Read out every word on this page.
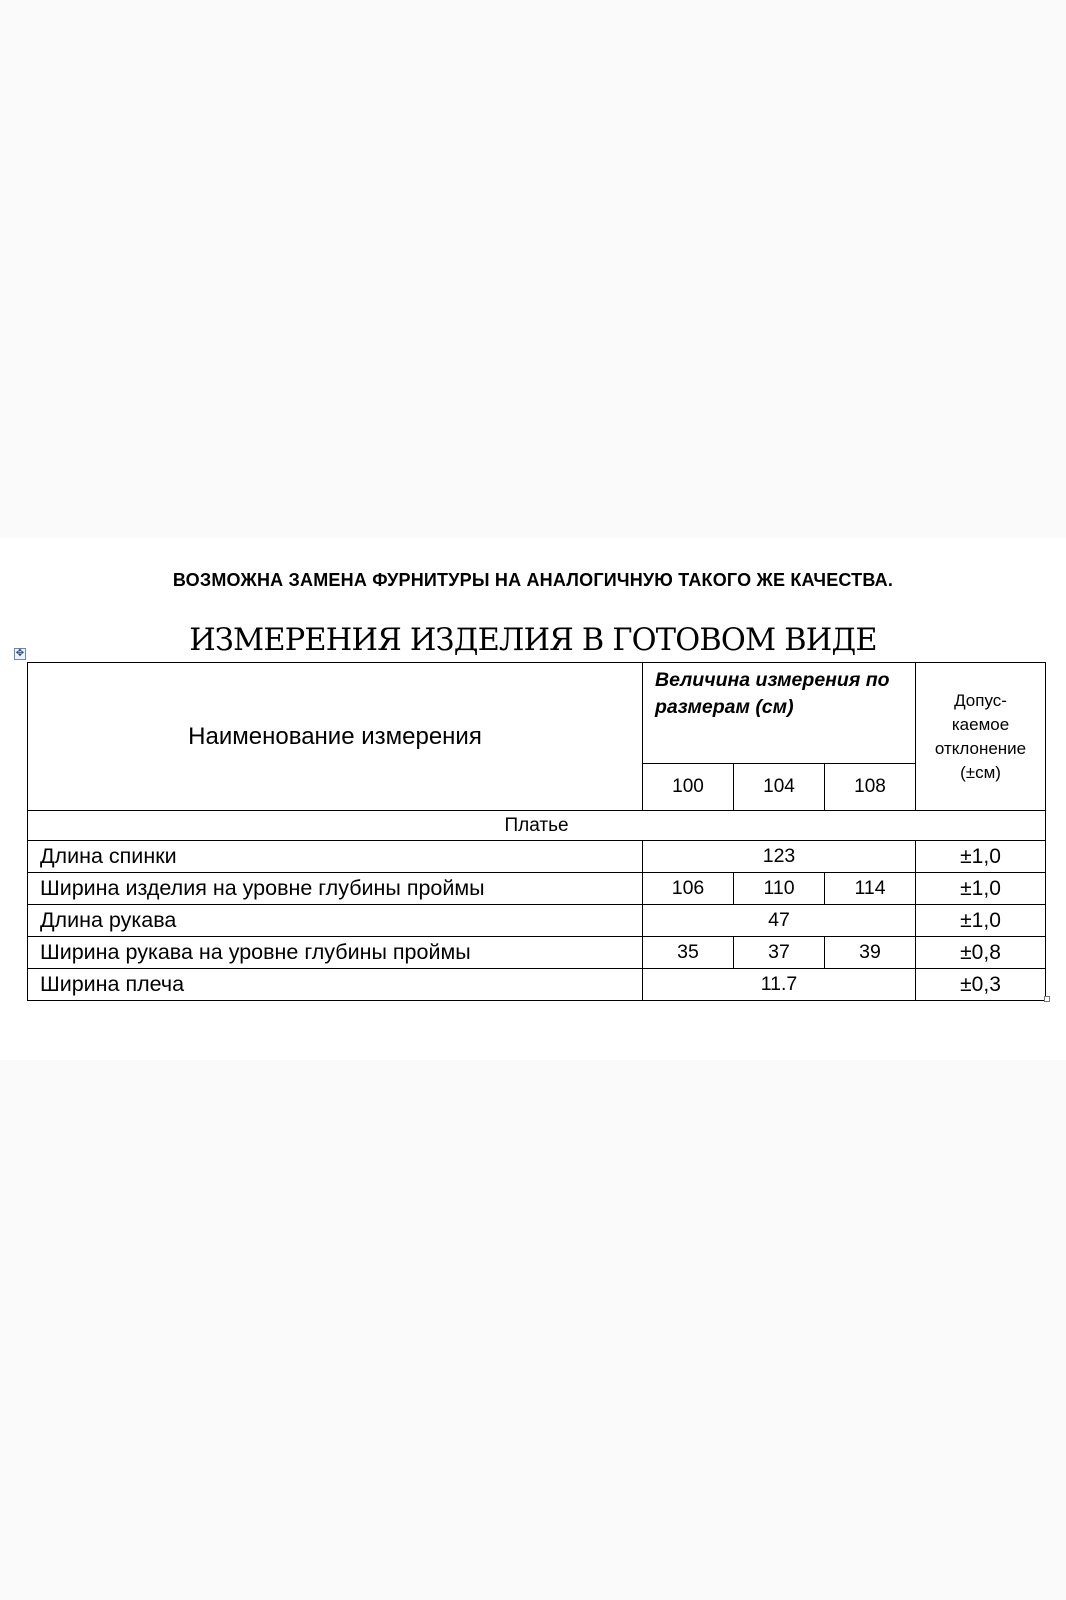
ВОЗМОЖНА ЗАМЕНА ФУРНИТУРЫ НА АНАЛОГИЧНУЮ ТАКОГО ЖЕ КАЧЕСТВА.
ИЗМЕРЕНИЯ ИЗДЕЛИЯ В ГОТОВОМ ВИДЕ
✥
Наименование измерения	Величина измерения по размерам (см)			Допус-
каемое
отклонение
(±см)
	100	104	108	
Платье				
Длина спинки	123			±1,0
Ширина изделия на уровне глубины проймы	106	110	114	±1,0
Длина рукава	47			±1,0
Ширина рукава на уровне глубины проймы	35	37	39	±0,8
Ширина плеча	11.7			±0,3
